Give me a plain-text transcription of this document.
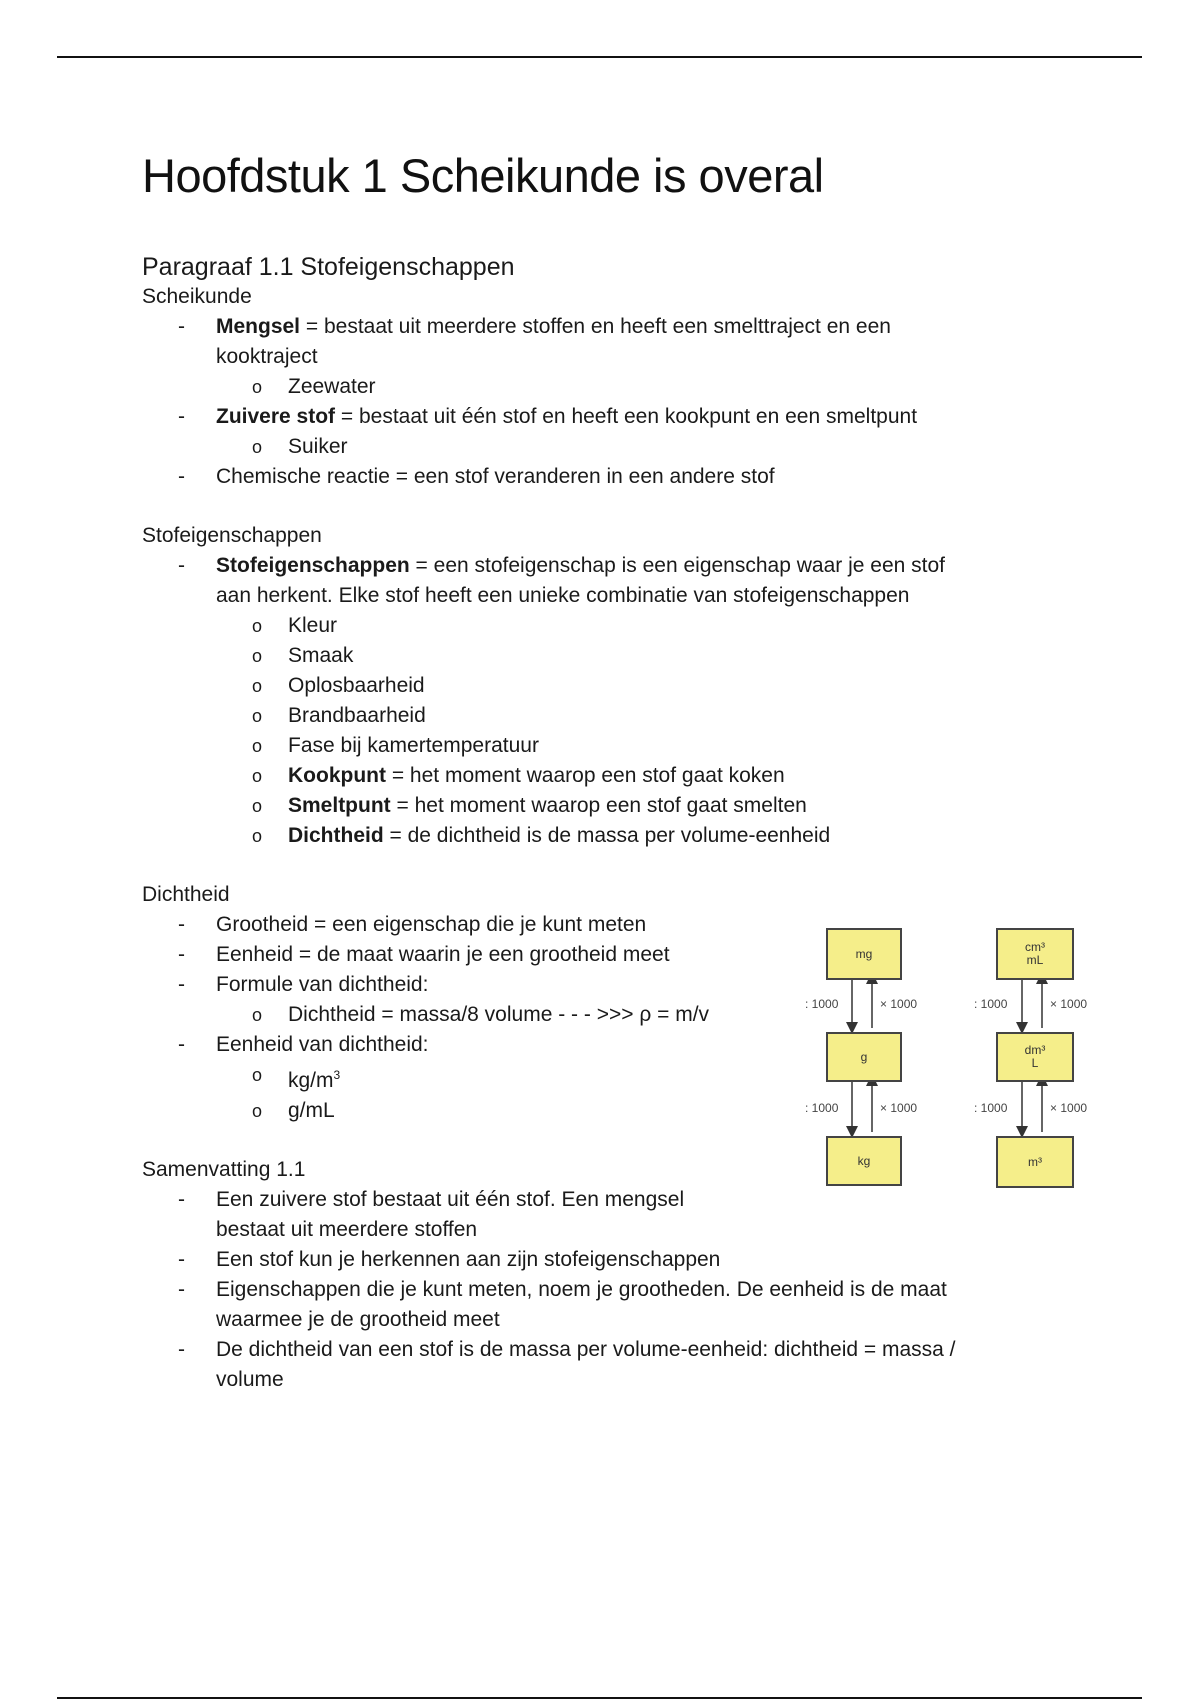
Hoofdstuk 1 Scheikunde is overal
Paragraaf 1.1 Stofeigenschappen
Scheikunde
- Mengsel = bestaat uit meerdere stoffen en heeft een smelttraject en een
kooktraject
o Zeewater
- Zuivere stof = bestaat uit één stof en heeft een kookpunt en een smeltpunt
o Suiker
- Chemische reactie = een stof veranderen in een andere stof
Stofeigenschappen
- Stofeigenschappen = een stofeigenschap is een eigenschap waar je een stof
aan herkent. Elke stof heeft een unieke combinatie van stofeigenschappen
o Kleur
o Smaak
o Oplosbaarheid
o Brandbaarheid
o Fase bij kamertemperatuur
o Kookpunt = het moment waarop een stof gaat koken
o Smeltpunt = het moment waarop een stof gaat smelten
o Dichtheid = de dichtheid is de massa per volume-eenheid
Dichtheid
- Grootheid = een eigenschap die je kunt meten
- Eenheid = de maat waarin je een grootheid meet
- Formule van dichtheid:
o Dichtheid = massa/8 volume - - - >>> ρ = m/v
- Eenheid van dichtheid:
o $kg/m^3$
o g/mL
Samenvatting 1.1
- Een zuivere stof bestaat uit één stof. Een mengsel
bestaat uit meerdere stoffen
- Een stof kun je herkennen aan zijn stofeigenschappen
- Eigenschappen die je kunt meten, noem je grootheden. De eenheid is de maat
waarmee je de grootheid meet
- De dichtheid van een stof is de massa per volume-eenheid: dichtheid = massa /
volume
mg
g
kg
cm³
mL
dm³
L
m³
: 1000	× 1000
: 1000	× 1000
: 1000	× 1000
: 1000	× 1000
